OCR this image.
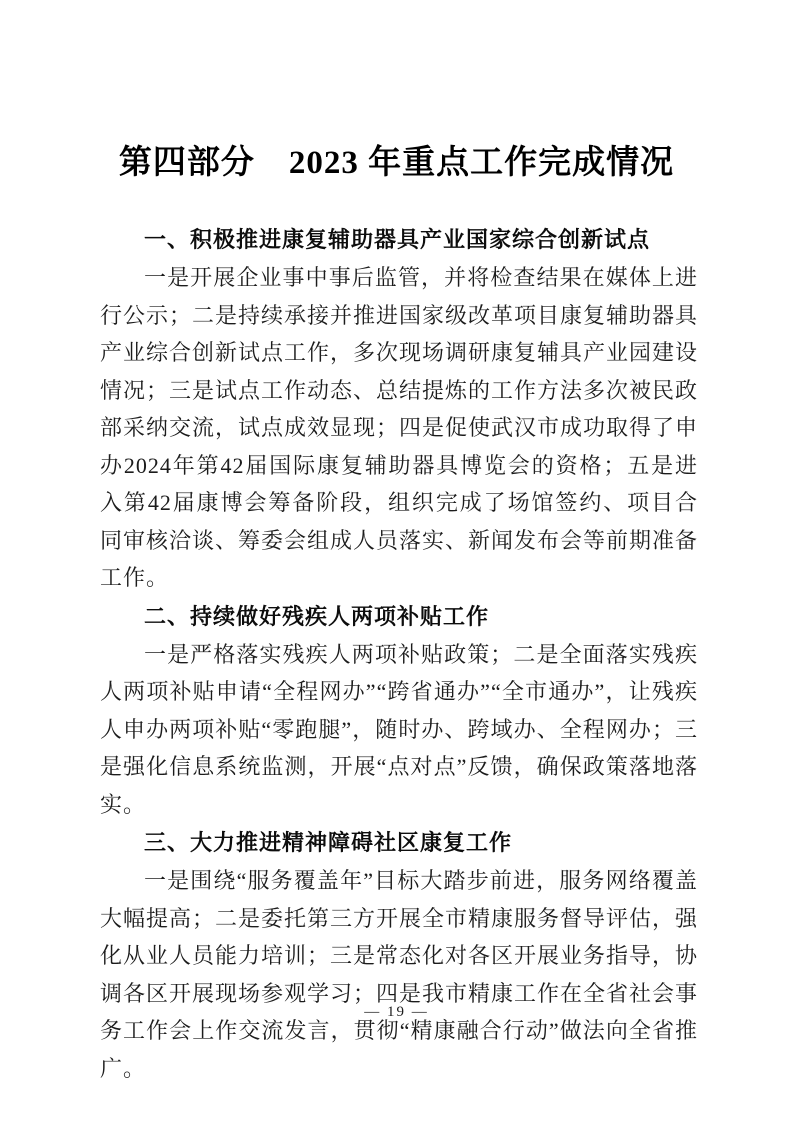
第四部分　2023 年重点工作完成情况
一、积极推进康复辅助器具产业国家综合创新试点

一是开展企业事中事后监管，并将检查结果在媒体上进行公示；二是持续承接并推进国家级改革项目康复辅助器具产业综合创新试点工作，多次现场调研康复辅具产业园建设情况；三是试点工作动态、总结提炼的工作方法多次被民政部采纳交流，试点成效显现；四是促使武汉市成功取得了申办2024年第42届国际康复辅助器具博览会的资格；五是进入第42届康博会筹备阶段，组织完成了场馆签约、项目合同审核洽谈、筹委会组成人员落实、新闻发布会等前期准备工作。

二、持续做好残疾人两项补贴工作

一是严格落实残疾人两项补贴政策；二是全面落实残疾人两项补贴申请“全程网办”“跨省通办”“全市通办”，让残疾人申办两项补贴“零跑腿”，随时办、跨域办、全程网办；三是强化信息系统监测，开展“点对点”反馈，确保政策落地落实。

三、大力推进精神障碍社区康复工作

一是围绕“服务覆盖年”目标大踏步前进，服务网络覆盖大幅提高；二是委托第三方开展全市精康服务督导评估，强化从业人员能力培训；三是常态化对各区开展业务指导，协调各区开展现场参观学习；四是我市精康工作在全省社会事务工作会上作交流发言，贯彻“精康融合行动”做法向全省推广。

— 19 —
